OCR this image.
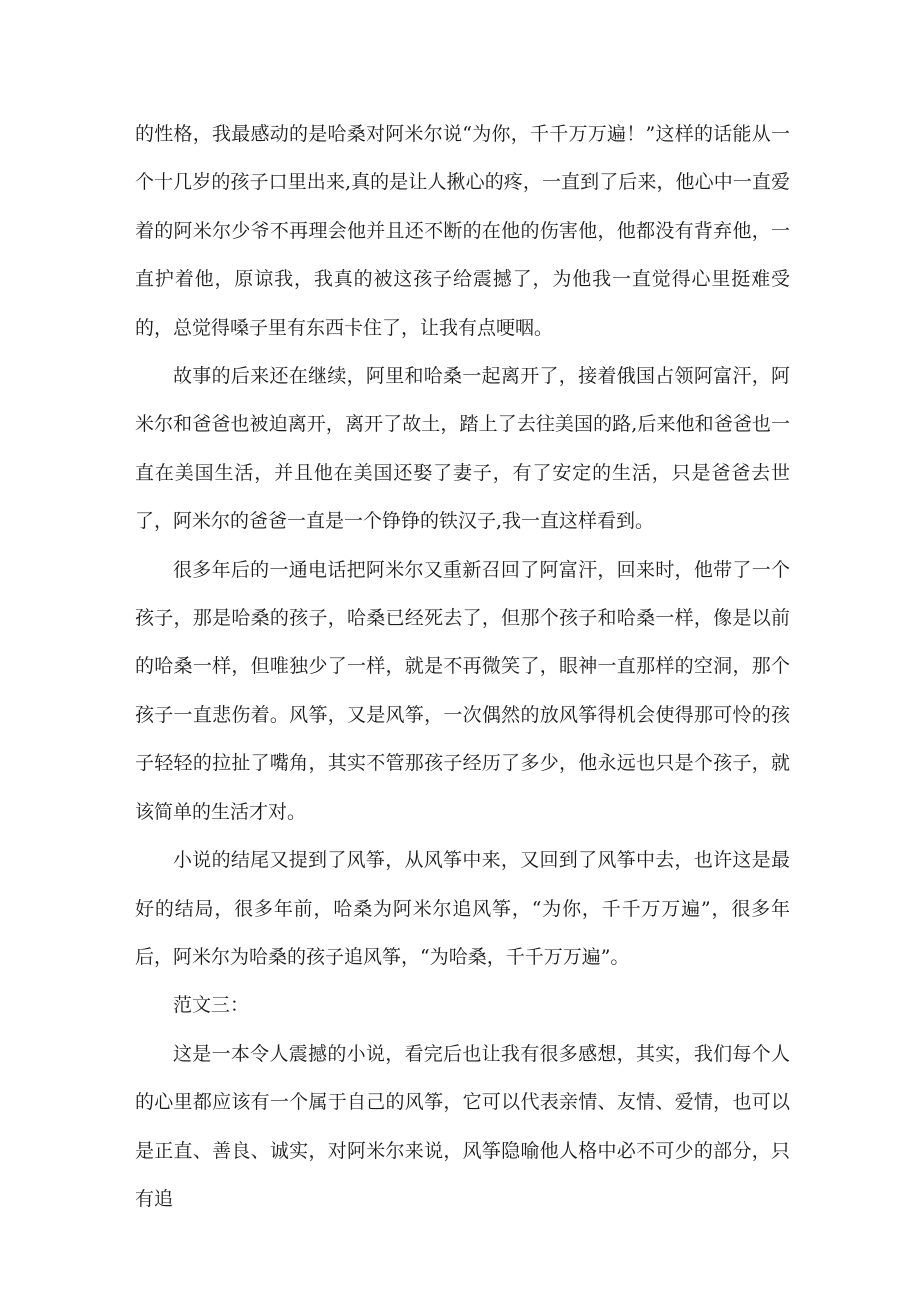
的性格，我最感动的是哈桑对阿米尔说“为你，千千万万遍！”这样的话能从一个十几岁的孩子口里出来,真的是让人揪心的疼，一直到了后来，他心中一直爱着的阿米尔少爷不再理会他并且还不断的在他的伤害他，他都没有背弃他，一直护着他，原谅我，我真的被这孩子给震撼了，为他我一直觉得心里挺难受的，总觉得嗓子里有东西卡住了，让我有点哽咽。

故事的后来还在继续，阿里和哈桑一起离开了，接着俄国占领阿富汗，阿米尔和爸爸也被迫离开，离开了故土，踏上了去往美国的路,后来他和爸爸也一直在美国生活，并且他在美国还娶了妻子，有了安定的生活，只是爸爸去世了，阿米尔的爸爸一直是一个铮铮的铁汉子,我一直这样看到。

很多年后的一通电话把阿米尔又重新召回了阿富汗，回来时，他带了一个孩子，那是哈桑的孩子，哈桑已经死去了，但那个孩子和哈桑一样，像是以前的哈桑一样，但唯独少了一样，就是不再微笑了，眼神一直那样的空洞，那个孩子一直悲伤着。风筝，又是风筝，一次偶然的放风筝得机会使得那可怜的孩子轻轻的拉扯了嘴角，其实不管那孩子经历了多少，他永远也只是个孩子，就该简单的生活才对。

小说的结尾又提到了风筝，从风筝中来，又回到了风筝中去，也许这是最好的结局，很多年前，哈桑为阿米尔追风筝，“为你，千千万万遍”，很多年后，阿米尔为哈桑的孩子追风筝，“为哈桑，千千万万遍”。

范文三：

这是一本令人震撼的小说，看完后也让我有很多感想，其实，我们每个人的心里都应该有一个属于自己的风筝，它可以代表亲情、友情、爱情，也可以是正直、善良、诚实，对阿米尔来说，风筝隐喻他人格中必不可少的部分，只有追
